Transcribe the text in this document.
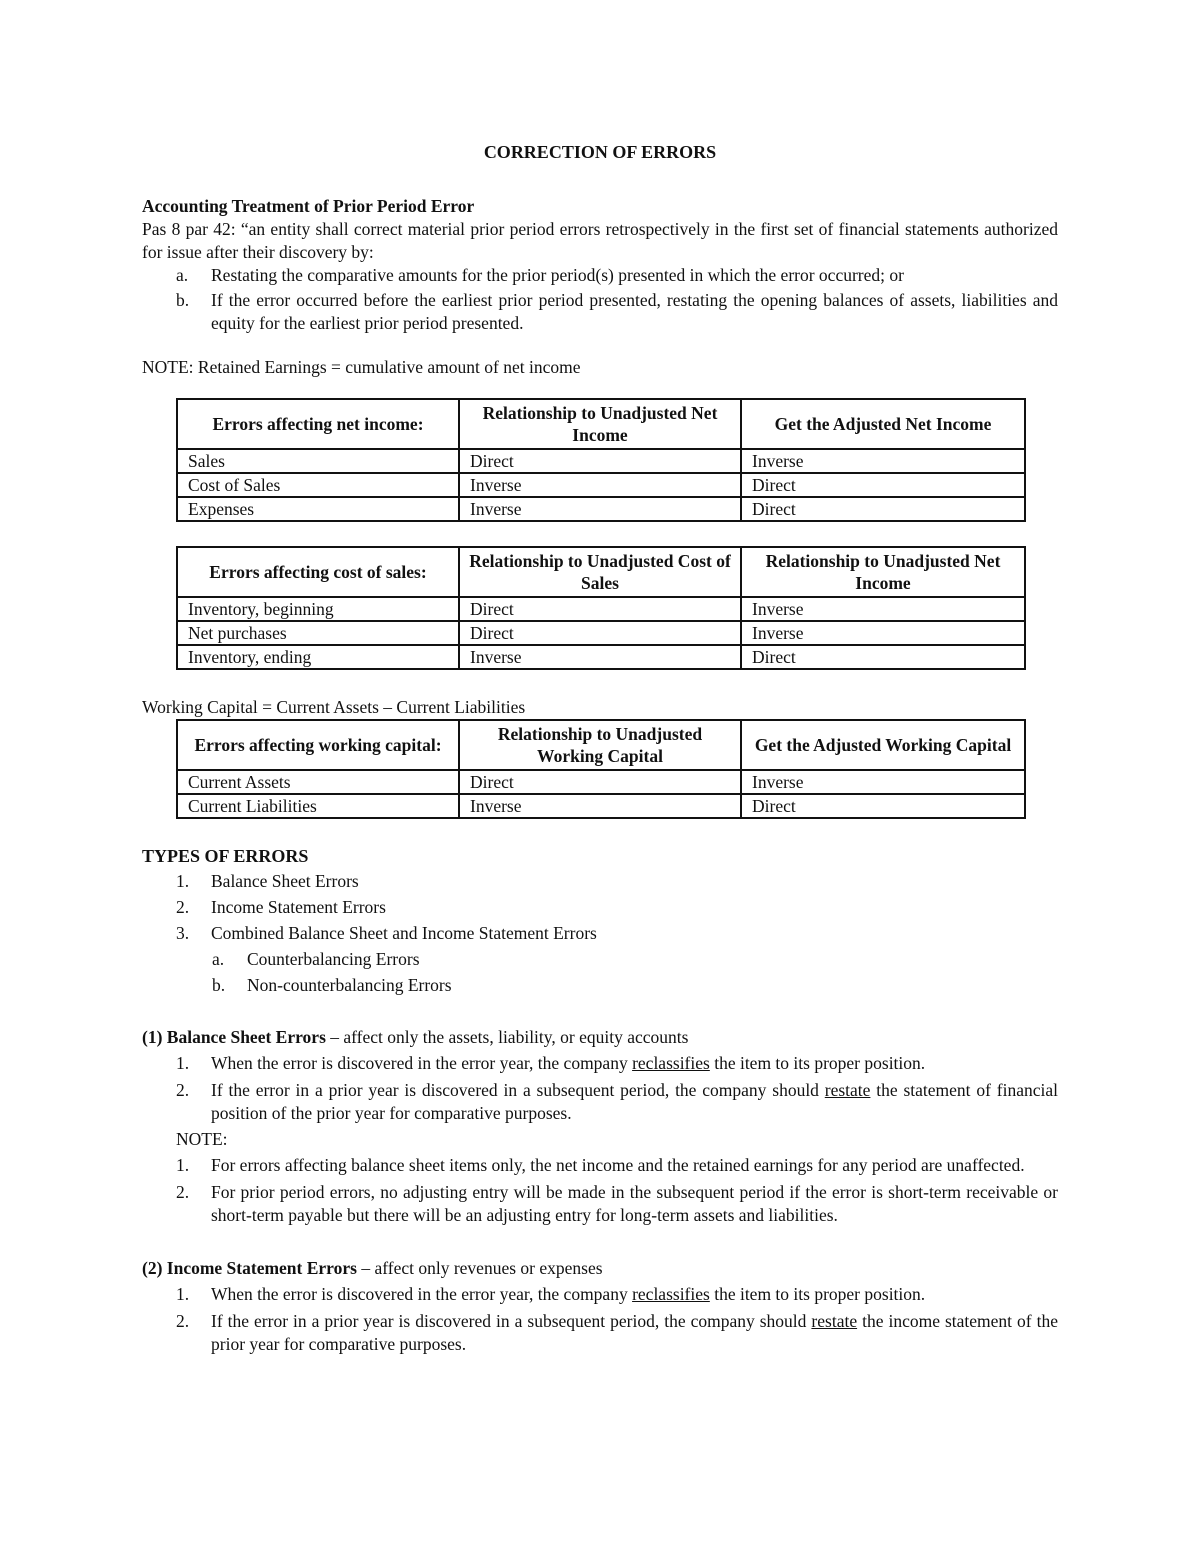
CORRECTION OF ERRORS

Accounting Treatment of Prior Period Error

Pas 8 par 42: “an entity shall correct material prior period errors retrospectively in the first set of financial statements authorized for issue after their discovery by:

a. Restating the comparative amounts for the prior period(s) presented in which the error occurred; or
b. If the error occurred before the earliest prior period presented, restating the opening balances of assets, liabilities and equity for the earliest prior period presented.

NOTE: Retained Earnings = cumulative amount of net income

Errors affecting net income:	Relationship to Unadjusted Net Income	Get the Adjusted Net Income
Sales	Direct	Inverse
Cost of Sales	Inverse	Direct
Expenses	Inverse	Direct
Errors affecting cost of sales:	Relationship to Unadjusted Cost of Sales	Relationship to Unadjusted Net Income
Inventory, beginning	Direct	Inverse
Net purchases	Direct	Inverse
Inventory, ending	Inverse	Direct

Working Capital = Current Assets – Current Liabilities

Errors affecting working capital:	Relationship to Unadjusted Working Capital	Get the Adjusted Working Capital
Current Assets	Direct	Inverse
Current Liabilities	Inverse	Direct

TYPES OF ERRORS

1. Balance Sheet Errors
2. Income Statement Errors
3. Combined Balance Sheet and Income Statement Errors
a. Counterbalancing Errors
b. Non-counterbalancing Errors

(1) Balance Sheet Errors – affect only the assets, liability, or equity accounts

1. When the error is discovered in the error year, the company reclassifies the item to its proper position.
2. If the error in a prior year is discovered in a subsequent period, the company should restate the statement of financial position of the prior year for comparative purposes.

NOTE:

1. For errors affecting balance sheet items only, the net income and the retained earnings for any period are unaffected.
2. For prior period errors, no adjusting entry will be made in the subsequent period if the error is short-term receivable or short-term payable but there will be an adjusting entry for long-term assets and liabilities.

(2) Income Statement Errors – affect only revenues or expenses

1. When the error is discovered in the error year, the company reclassifies the item to its proper position.
2. If the error in a prior year is discovered in a subsequent period, the company should restate the income statement of the prior year for comparative purposes.
